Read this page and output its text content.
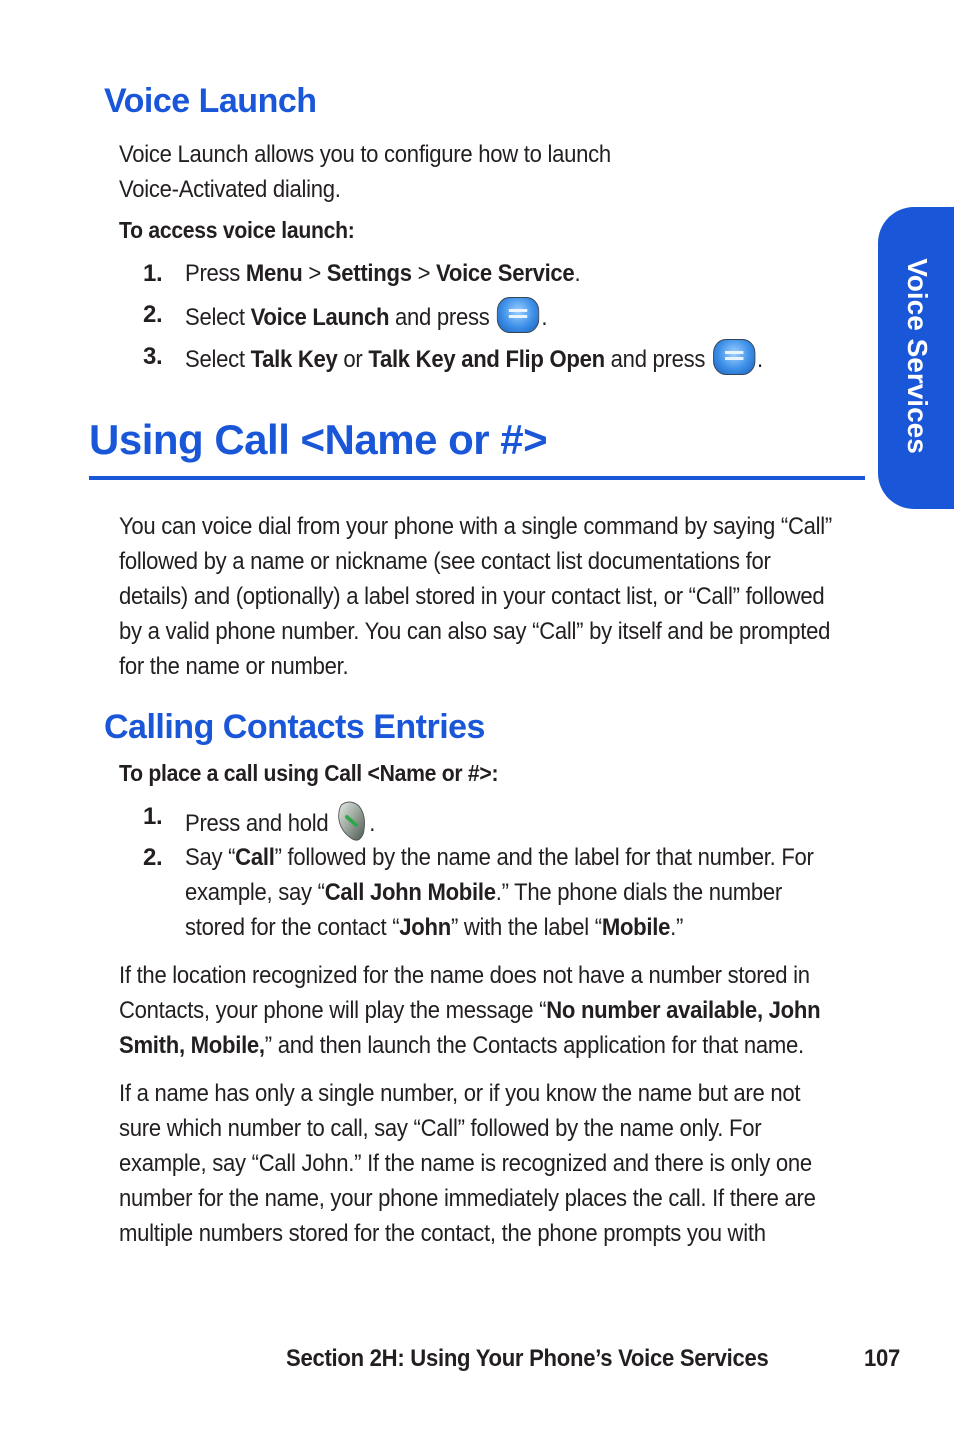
Voice Services
Voice Launch
Voice Launch allows you to configure how to launch
Voice-Activated dialing.
To access voice launch:
1. Press Menu > Settings > Voice Service.
2. Select Voice Launch and press .
3. Select Talk Key or Talk Key and Flip Open and press .
Using Call <Name or #>
You can voice dial from your phone with a single command by saying “Call”
followed by a name or nickname (see contact list documentations for
details) and (optionally) a label stored in your contact list, or “Call” followed
by a valid phone number. You can also say “Call” by itself and be prompted
for the name or number.
Calling Contacts Entries
To place a call using Call <Name or #>:
1. Press and hold .
2. Say “Call” followed by the name and the label for that number. For
example, say “Call John Mobile.” The phone dials the number
stored for the contact “John” with the label “Mobile.”
If the location recognized for the name does not have a number stored in
Contacts, your phone will play the message “No number available, John
Smith, Mobile,” and then launch the Contacts application for that name.
If a name has only a single number, or if you know the name but are not
sure which number to call, say “Call” followed by the name only. For
example, say “Call John.” If the name is recognized and there is only one
number for the name, your phone immediately places the call. If there are
multiple numbers stored for the contact, the phone prompts you with
Section 2H: Using Your Phone’s Voice Services	107
